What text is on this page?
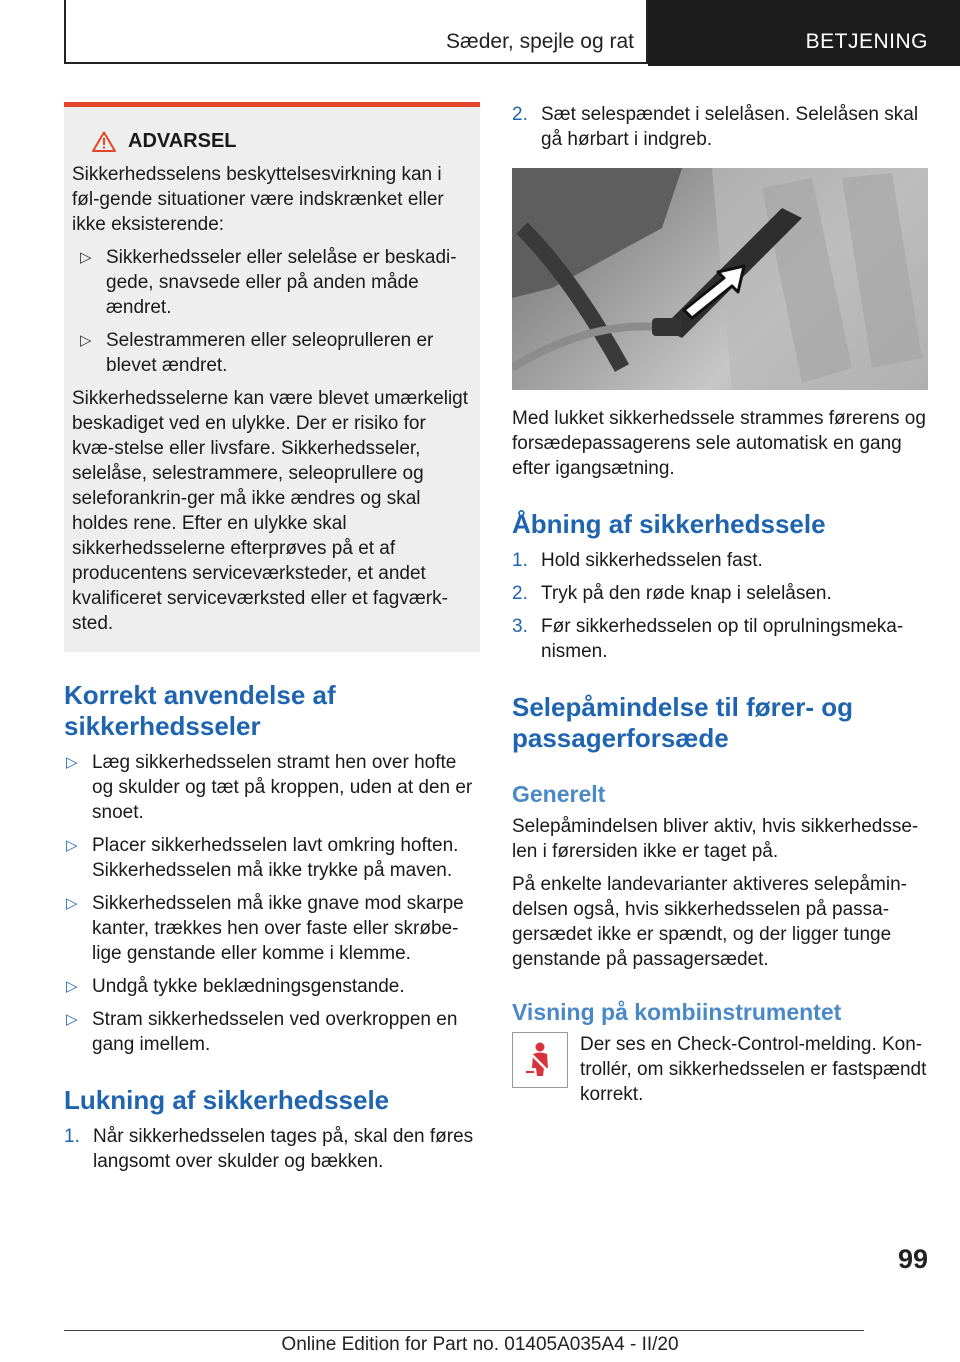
Sæder, spejle og rat	BETJENING
ADVARSEL

Sikkerhedsselens beskyttelsesvirkning kan i føl-gende situationer være indskrænket eller ikke eksisterende:

▷ Sikkerhedsseler eller selelåse er beskadi-gede, snavsede eller på anden måde ændret.
▷ Selestrammeren eller seleoprulleren er blevet ændret.

Sikkerhedsselerne kan være blevet umærkeligt beskadiget ved en ulykke. Der er risiko for kvæ-stelse eller livsfare. Sikkerhedsseler, selelåse, selestrammere, seleoprullere og seleforankrin-ger må ikke ændres og skal holdes rene. Efter en ulykke skal sikkerhedsselerne efterprøves på et af producentens serviceværksteder, et andet kvalificeret serviceværksted eller et fagværk-sted.

Korrekt anvendelse af sikkerhedsseler
▷ Læg sikkerhedsselen stramt hen over hofte og skulder og tæt på kroppen, uden at den er snoet.
▷ Placer sikkerhedsselen lavt omkring hoften. Sikkerhedsselen må ikke trykke på maven.
▷ Sikkerhedsselen må ikke gnave mod skarpe kanter, trækkes hen over faste eller skrøbe-lige genstande eller komme i klemme.
▷ Undgå tykke beklædningsgenstande.
▷ Stram sikkerhedsselen ved overkroppen en gang imellem.
Lukning af sikkerhedssele
1. Når sikkerhedsselen tages på, skal den føres langsomt over skulder og bækken.
2. Sæt selespændet i selelåsen. Selelåsen skal gå hørbart i indgreb.

Med lukket sikkerhedssele strammes førerens og forsædepassagerens sele automatisk en gang efter igangsætning.

Åbning af sikkerhedssele
1. Hold sikkerhedsselen fast.
2. Tryk på den røde knap i selelåsen.
3. Før sikkerhedsselen op til oprulningsmeka-nismen.
Selepåmindelse til fører- og passagerforsæde
Generelt

Selepåmindelsen bliver aktiv, hvis sikkerhedsse-len i førersiden ikke er taget på.

På enkelte landevarianter aktiveres selepåmin-delsen også, hvis sikkerhedsselen på passa-gersædet ikke er spændt, og der ligger tunge genstande på passagersædet.

Visning på kombiinstrumentet

Der ses en Check-Control-melding. Kon-trollér, om sikkerhedsselen er fastspændt korrekt.

99
Online Edition for Part no. 01405A035A4 - II/20
